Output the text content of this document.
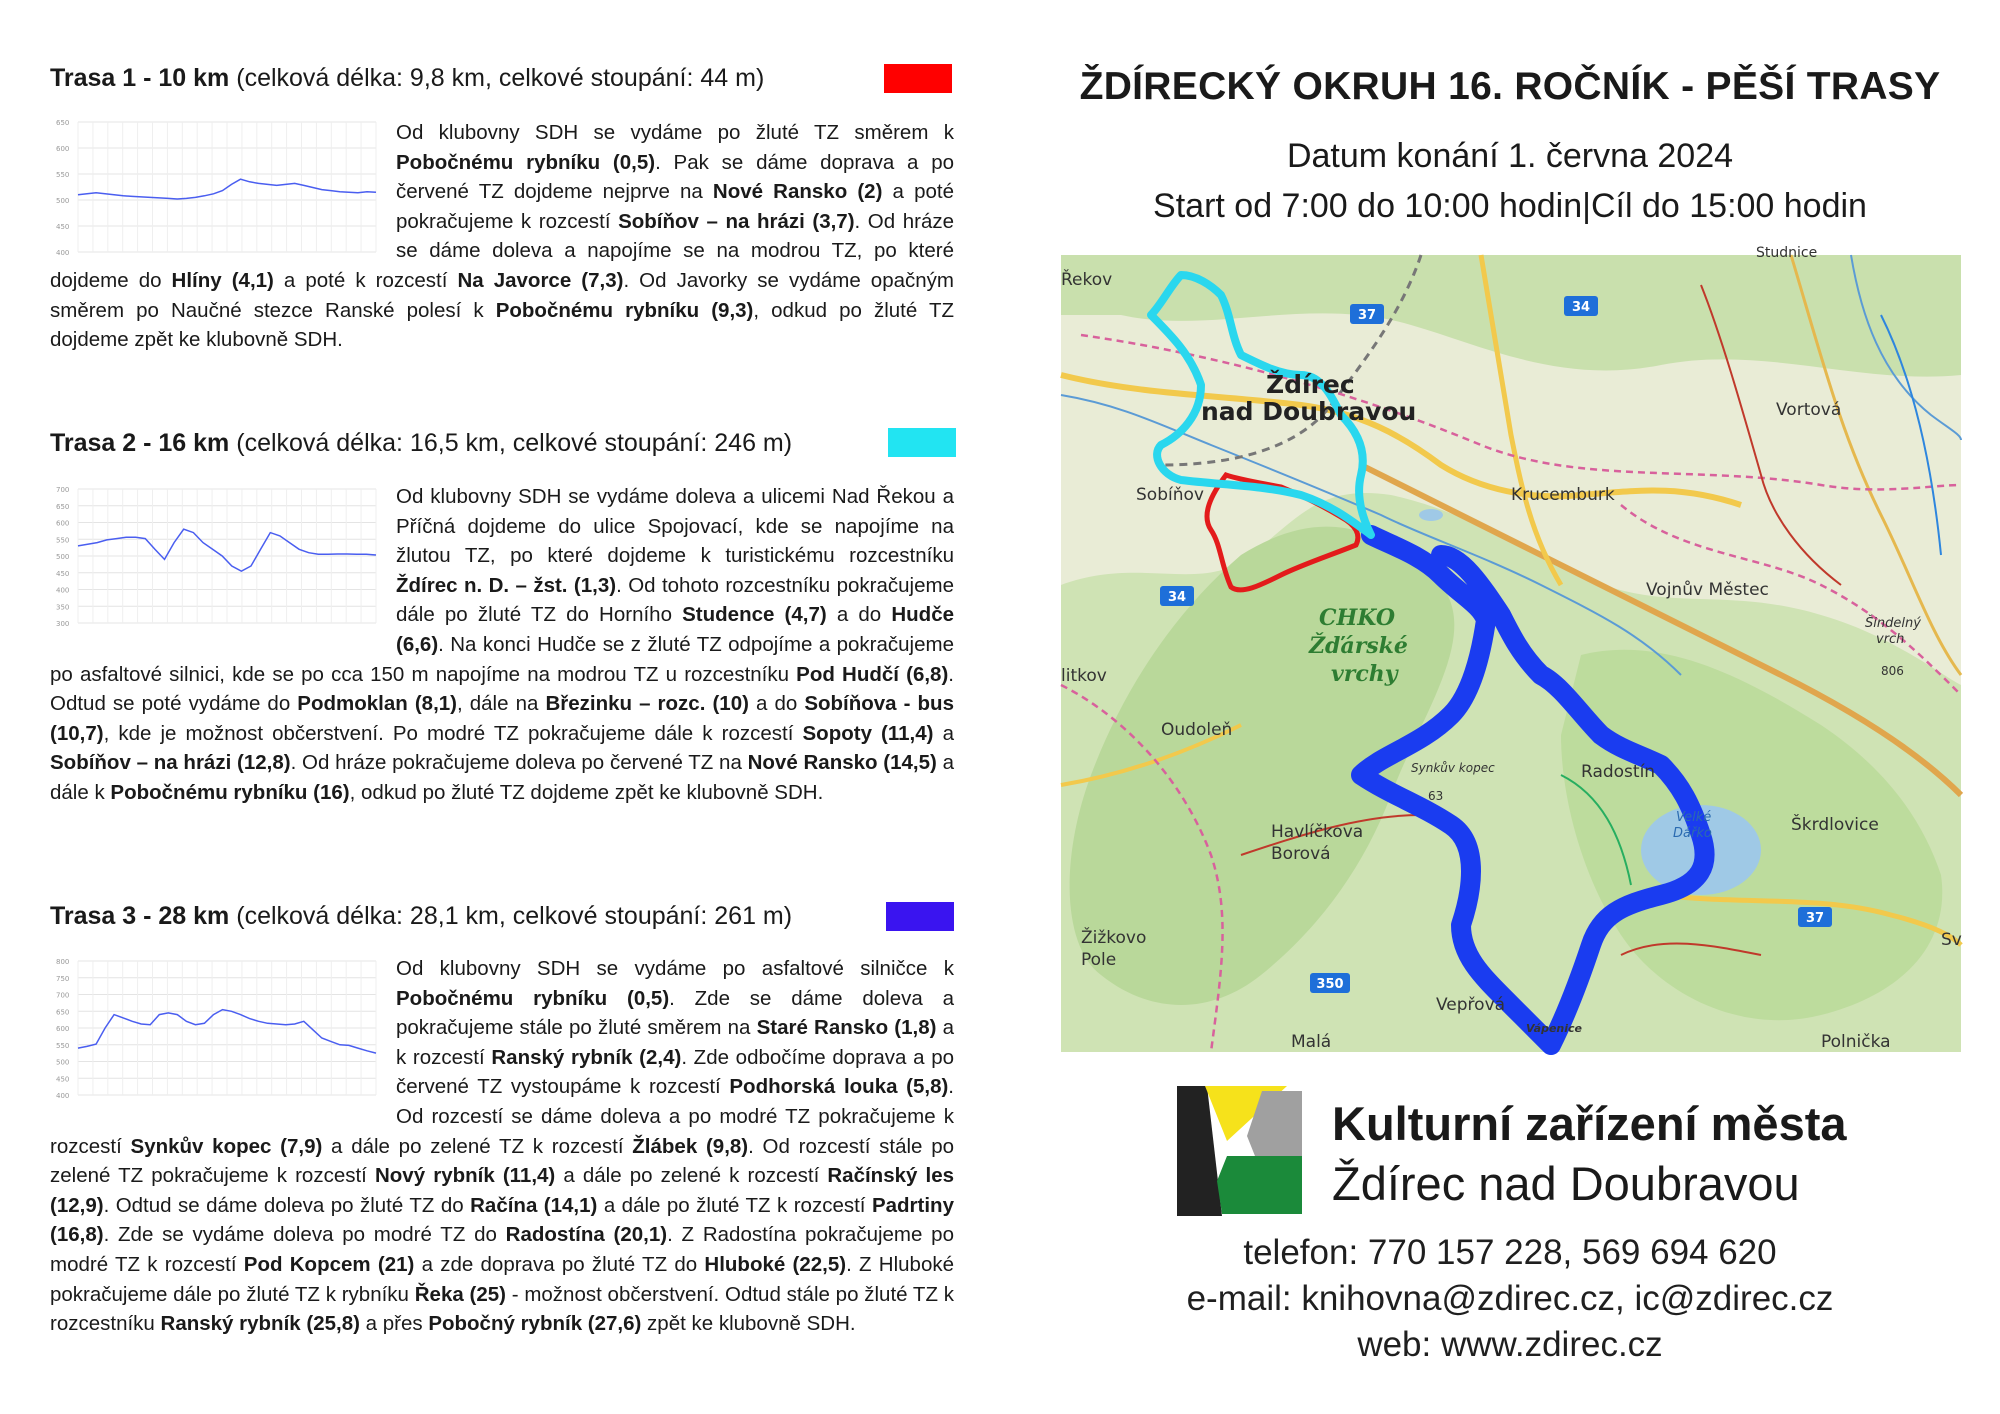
Trasa 1 - 10 km (celková délka: 9,8 km, celkové stoupání: 44 m)
650
600
550
500
450
400
Od klubovny SDH se vydáme po žluté TZ směrem k Pobočnému rybníku (0,5). Pak se dáme doprava a po červené TZ dojdeme nejprve na Nové Ransko (2) a poté pokračujeme k rozcestí Sobíňov – na hrázi (3,7). Od hráze se dáme doleva a napojíme se na modrou TZ, po které dojdeme do Hlíny (4,1) a poté k rozcestí Na Javorce (7,3). Od Javorky se vydáme opačným směrem po Naučné stezce Ranské polesí k Pobočnému rybníku (9,3), odkud po žluté TZ dojdeme zpět ke klubovně SDH.
Trasa 2 - 16 km (celková délka: 16,5 km, celkové stoupání: 246 m)
700
650
600
550
500
450
400
350
300
Od klubovny SDH se vydáme doleva a ulicemi Nad Řekou a Příčná dojdeme do ulice Spojovací, kde se napojíme na žlutou TZ, po které dojdeme k turistickému rozcestníku Ždírec n. D. – žst. (1,3). Od tohoto rozcestníku pokračujeme dále po žluté TZ do Horního Studence (4,7) a do Hudče (6,6). Na konci Hudče se z žluté TZ odpojíme a pokračujeme po asfaltové silnici, kde se po cca 150 m napojíme na modrou TZ u rozcestníku Pod Hudčí (6,8). Odtud se poté vydáme do Podmoklan (8,1), dále na Březinku – rozc. (10) a do Sobíňova - bus (10,7), kde je možnost občerstvení. Po modré TZ pokračujeme dále k rozcestí Sopoty (11,4) a Sobíňov – na hrázi (12,8). Od hráze pokračujeme doleva po červené TZ na Nové Ransko (14,5) a dále k Pobočnému rybníku (16), odkud po žluté TZ dojdeme zpět ke klubovně SDH.
Trasa 3 - 28 km (celková délka: 28,1 km, celkové stoupání: 261 m)
800
750
700
650
600
550
500
450
400
Od klubovny SDH se vydáme po asfaltové silničce k Pobočnému rybníku (0,5). Zde se dáme doleva a pokračujeme stále po žluté směrem na Staré Ransko (1,8) a k rozcestí Ranský rybník (2,4). Zde odbočíme doprava a po červené TZ vystoupáme k rozcestí Podhorská louka (5,8). Od rozcestí se dáme doleva a po modré TZ pokračujeme k rozcestí Synkův kopec (7,9) a dále po zelené TZ k rozcestí Žlábek (9,8). Od rozcestí stále po zelené TZ pokračujeme k rozcestí Nový rybník (11,4) a dále po zelené k rozcestí Račínský les (12,9). Odtud se dáme doleva po žluté TZ do Račína (14,1) a dále po žluté TZ k rozcestí Padrtiny (16,8). Zde se vydáme doleva po modré TZ do Radostína (20,1). Z Radostína pokračujeme po modré TZ k rozcestí Pod Kopcem (21) a zde doprava po žluté TZ do Hluboké (22,5). Z Hluboké pokračujeme dále po žluté TZ k rybníku Řeka (25) - možnost občerstvení. Odtud stále po žluté TZ k rozcestníku Ranský rybník (25,8) a přes Pobočný rybník (27,6) zpět ke klubovně SDH.
ŽDÍRECKÝ OKRUH 16. ROČNÍK - PĚŠÍ TRASY
Datum konání 1. června 2024
Start od 7:00 do 10:00 hodin|Cíl do 15:00 hodin
37
34
34
37
350
Ždírec
nad Doubravou
Sobíňov	Krucemburk
Vortová
Vojnův Městec
Šindelný
vrch
806
CHKO
Žďárské
vrchy
Oudoleň
Havlíčkova
Borová
Radostín
Velké
Dářko	Škrdlovice
Žižkovo
Pole
Vepřová
Vápenice
Malá	Polnička
Studnice
Řekov
litkov
Synkův kopec
63
Sv
Kulturní zařízení města
Ždírec nad Doubravou
telefon: 770 157 228, 569 694 620
e-mail: knihovna@zdirec.cz, ic@zdirec.cz
web: www.zdirec.cz
